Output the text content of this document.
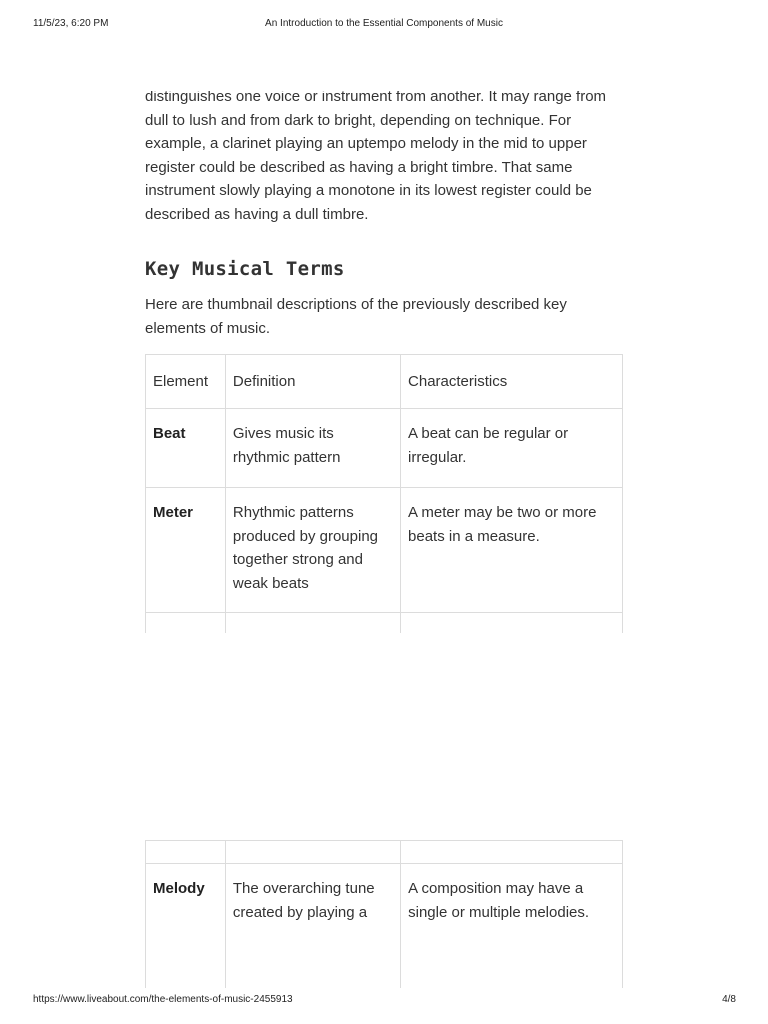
11/5/23, 6:20 PM	An Introduction to the Essential Components of Music

distinguishes one voice or instrument from another. It may range from dull to lush and from dark to bright, depending on technique. For example, a clarinet playing an uptempo melody in the mid to upper register could be described as having a bright timbre. That same instrument slowly playing a monotone in its lowest register could be described as having a dull timbre.

Key Musical Terms

Here are thumbnail descriptions of the previously described key elements of music.

Element	Definition	Characteristics

Beat	Gives music its rhythmic pattern	A beat can be regular or irregular.

Meter	Rhythmic patterns produced by grouping together strong and weak beats	A meter may be two or more beats in a measure.

Melody	The overarching tune created by playing a	A composition may have a single or multiple melodies.
https://www.liveabout.com/the-elements-of-music-2455913	4/8
